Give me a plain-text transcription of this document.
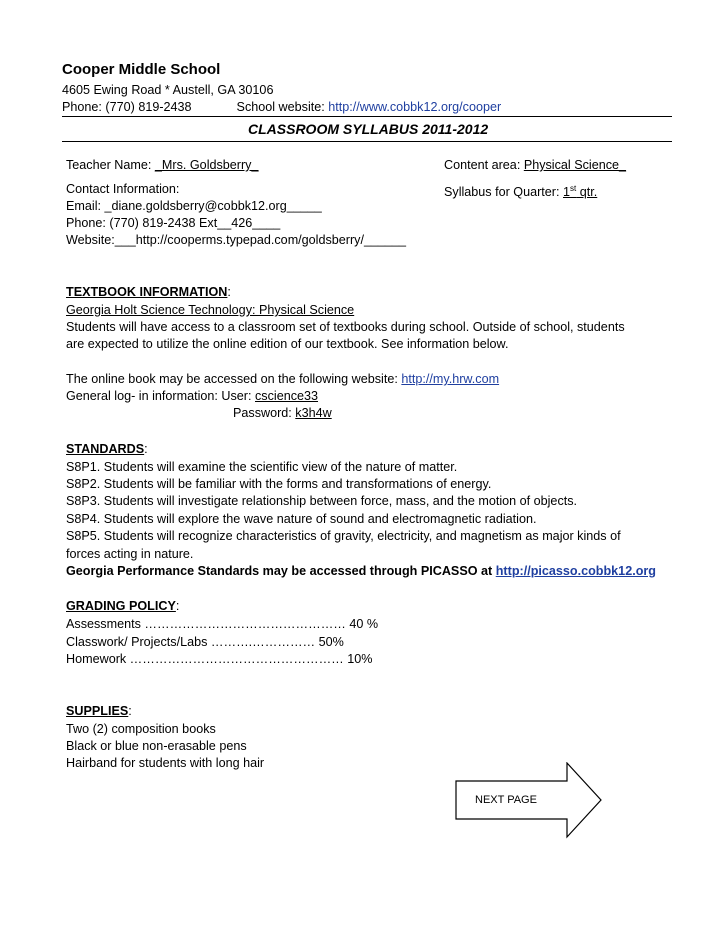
Cooper Middle School
4605 Ewing Road * Austell, GA 30106
Phone: (770) 819-2438	School website: http://www.cobbk12.org/cooper
CLASSROOM SYLLABUS 2011-2012
Teacher Name: _Mrs. Goldsberry_	Content area: Physical Science_
Contact Information:	Syllabus for Quarter: 1st qtr.
Email: _diane.goldsberry@cobbk12.org_____
Phone: (770) 819-2438 Ext__426____
Website:___http://cooperms.typepad.com/goldsberry/______
TEXTBOOK INFORMATION:
Georgia Holt Science Technology: Physical Science
Students will have access to a classroom set of textbooks during school. Outside of school, students
are expected to utilize the online edition of our textbook. See information below.
The online book may be accessed on the following website: http://my.hrw.com
General log- in information: User: cscience33
Password: k3h4w
STANDARDS:
S8P1. Students will examine the scientific view of the nature of matter.
S8P2. Students will be familiar with the forms and transformations of energy.
S8P3. Students will investigate relationship between force, mass, and the motion of objects.
S8P4. Students will explore the wave nature of sound and electromagnetic radiation.
S8P5. Students will recognize characteristics of gravity, electricity, and magnetism as major kinds of
forces acting in nature.
Georgia Performance Standards may be accessed through PICASSO at http://picasso.cobbk12.org
GRADING POLICY:
Assessments ………………………………………… 40 %
Classwork/ Projects/Labs ……….…………… 50%
Homework …………………………………………… 10%
SUPPLIES:
Two (2) composition books
Black or blue non-erasable pens
Hairband for students with long hair
NEXT PAGE
